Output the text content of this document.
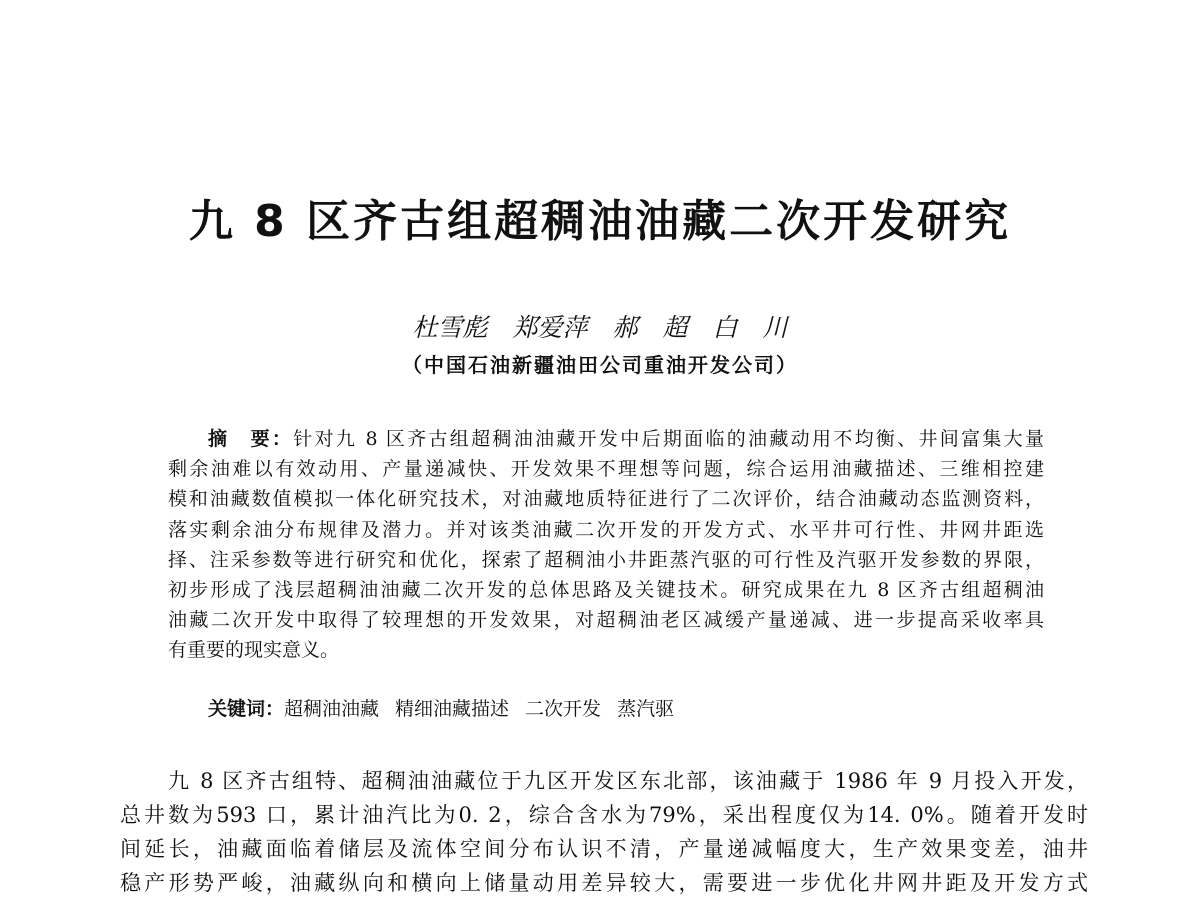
九 8 区齐古组超稠油油藏二次开发研究
杜雪彪　郑爱萍　郝　超　白　川
（中国石油新疆油田公司重油开发公司）
摘　要：针对九 8 区齐古组超稠油油藏开发中后期面临的油藏动用不均衡、井间富集大量
剩余油难以有效动用、产量递减快、开发效果不理想等问题，综合运用油藏描述、三维相控建
模和油藏数值模拟一体化研究技术，对油藏地质特征进行了二次评价，结合油藏动态监测资料，
落实剩余油分布规律及潜力。并对该类油藏二次开发的开发方式、水平井可行性、井网井距选
择、注采参数等进行研究和优化，探索了超稠油小井距蒸汽驱的可行性及汽驱开发参数的界限，
初步形成了浅层超稠油油藏二次开发的总体思路及关键技术。研究成果在九 8 区齐古组超稠油
油藏二次开发中取得了较理想的开发效果，对超稠油老区减缓产量递减、进一步提高采收率具
有重要的现实意义。
关键词：超稠油油藏 精细油藏描述 二次开发 蒸汽驱
九 8 区齐古组特、超稠油油藏位于九区开发区东北部，该油藏于 1986 年 9 月投入开发，
总井数为593 口，累计油汽比为0. 2，综合含水为79%，采出程度仅为14. 0%。随着开发时
间延长，油藏面临着储层及流体空间分布认识不清，产量递减幅度大，生产效果变差，油井
稳产形势严峻，油藏纵向和横向上储量动用差异较大，需要进一步优化井网井距及开发方式
